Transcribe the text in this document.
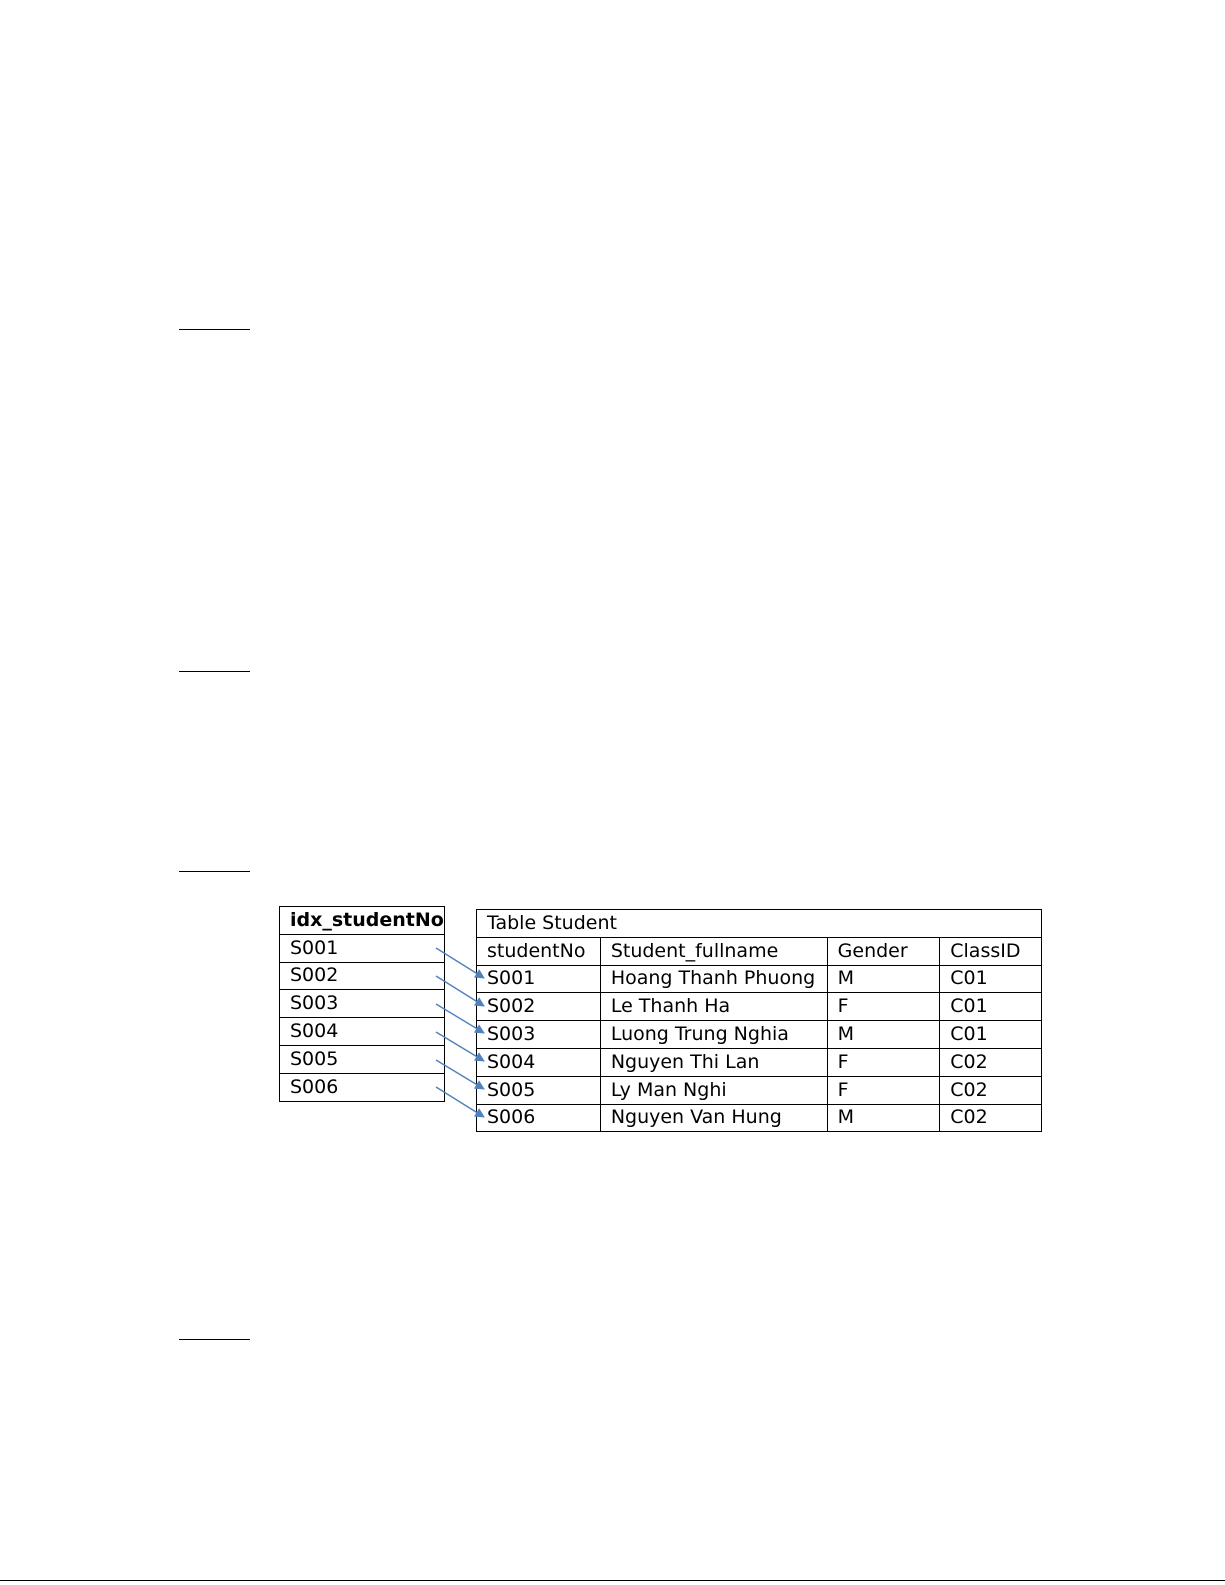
idx_studentNo
S001
S002
S003
S004
S005
S006
Table Student			
studentNo	Student_fullname	Gender	ClassID
S001	Hoang Thanh Phuong	M	C01
S002	Le Thanh Ha	F	C01
S003	Luong Trung Nghia	M	C01
S004	Nguyen Thi Lan	F	C02
S005	Ly Man Nghi	F	C02
S006	Nguyen Van Hung	M	C02
